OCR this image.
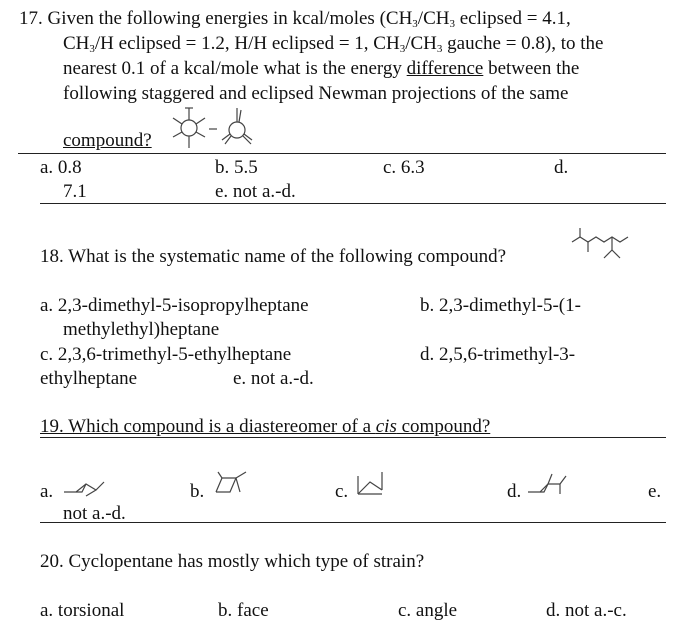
17. Given the following energies in kcal/moles ($CH_3/CH_3$ eclipsed = 4.1,
$CH_3/H$ eclipsed = 1.2, H/H eclipsed = 1, $CH_3/CH_3$ gauche = 0.8), to the
nearest 0.1 of a kcal/mole what is the energy difference between the
following staggered and eclipsed Newman projections of the same
compound?
a. 0.8
7.1
b. 5.5
e. not a.-d.
c. 6.3	d.
18. What is the systematic name of the following compound?
a. 2,3-dimethyl-5-isopropylheptane
methylethyl)heptane
b. 2,3-dimethyl-5-(1-
c. 2,3,6-trimethyl-5-ethylheptane	d. 2,5,6-trimethyl-3-
ethylheptane	e. not a.-d.
19. Which compound is a diastereomer of a cis compound?
a.	b.	c.	d.	e.
not a.-d.
20. Cyclopentane has mostly which type of strain?
a. torsional	b. face	c. angle	d. not a.-c.
